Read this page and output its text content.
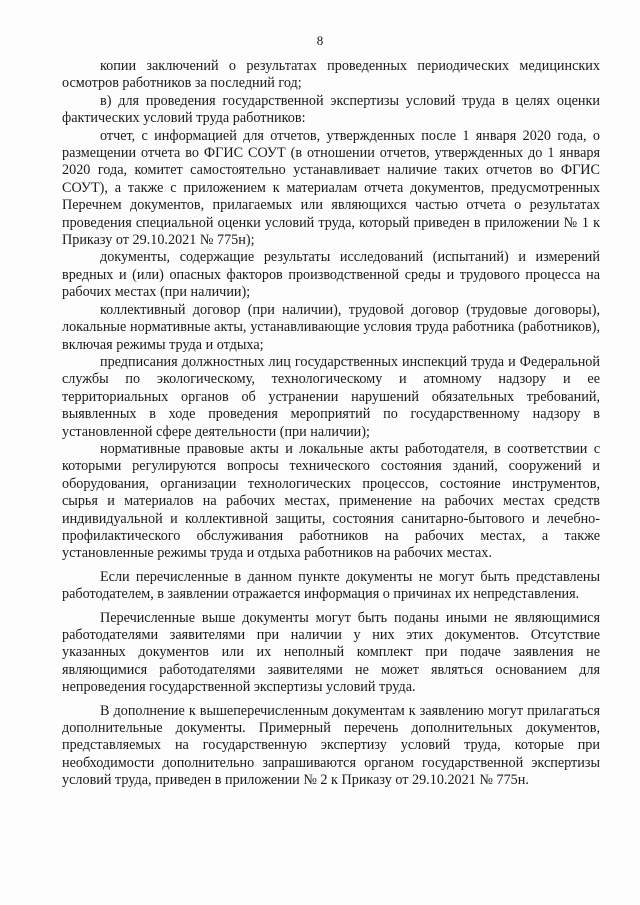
8

копии заключений о результатах проведенных периодических медицинских осмотров работников за последний год;

в) для проведения государственной экспертизы условий труда в целях оценки фактических условий труда работников:

отчет, с информацией для отчетов, утвержденных после 1 января 2020 года, о размещении отчета во ФГИС СОУТ (в отношении отчетов, утвержденных до 1 января 2020 года, комитет самостоятельно устанавливает наличие таких отчетов во ФГИС СОУТ), а также с приложением к материалам отчета документов, предусмотренных Перечнем документов, прилагаемых или являющихся частью отчета о результатах проведения специальной оценки условий труда, который приведен в приложении № 1 к Приказу от 29.10.2021 № 775н);

документы, содержащие результаты исследований (испытаний) и измерений вредных и (или) опасных факторов производственной среды и трудового процесса на рабочих местах (при наличии);

коллективный договор (при наличии), трудовой договор (трудовые договоры), локальные нормативные акты, устанавливающие условия труда работника (работников), включая режимы труда и отдыха;

предписания должностных лиц государственных инспекций труда и Федеральной службы по экологическому, технологическому и атомному надзору и ее территориальных органов об устранении нарушений обязательных требований, выявленных в ходе проведения мероприятий по государственному надзору в установленной сфере деятельности (при наличии);

нормативные правовые акты и локальные акты работодателя, в соответствии с которыми регулируются вопросы технического состояния зданий, сооружений и оборудования, организации технологических процессов, состояние инструментов, сырья и материалов на рабочих местах, применение на рабочих местах средств индивидуальной и коллективной защиты, состояния санитарно-бытового и лечебно-профилактического обслуживания работников на рабочих местах, а также установленные режимы труда и отдыха работников на рабочих местах.

Если перечисленные в данном пункте документы не могут быть представлены работодателем, в заявлении отражается информация о причинах их непредставления.

Перечисленные выше документы могут быть поданы иными не являющимися работодателями заявителями при наличии у них этих документов. Отсутствие указанных документов или их неполный комплект при подаче заявления не являющимися работодателями заявителями не может являться основанием для непроведения государственной экспертизы условий труда.

В дополнение к вышеперечисленным документам к заявлению могут прилагаться дополнительные документы. Примерный перечень дополнительных документов, представляемых на государственную экспертизу условий труда, которые при необходимости дополнительно запрашиваются органом государственной экспертизы условий труда, приведен в приложении № 2 к Приказу от 29.10.2021 № 775н.
